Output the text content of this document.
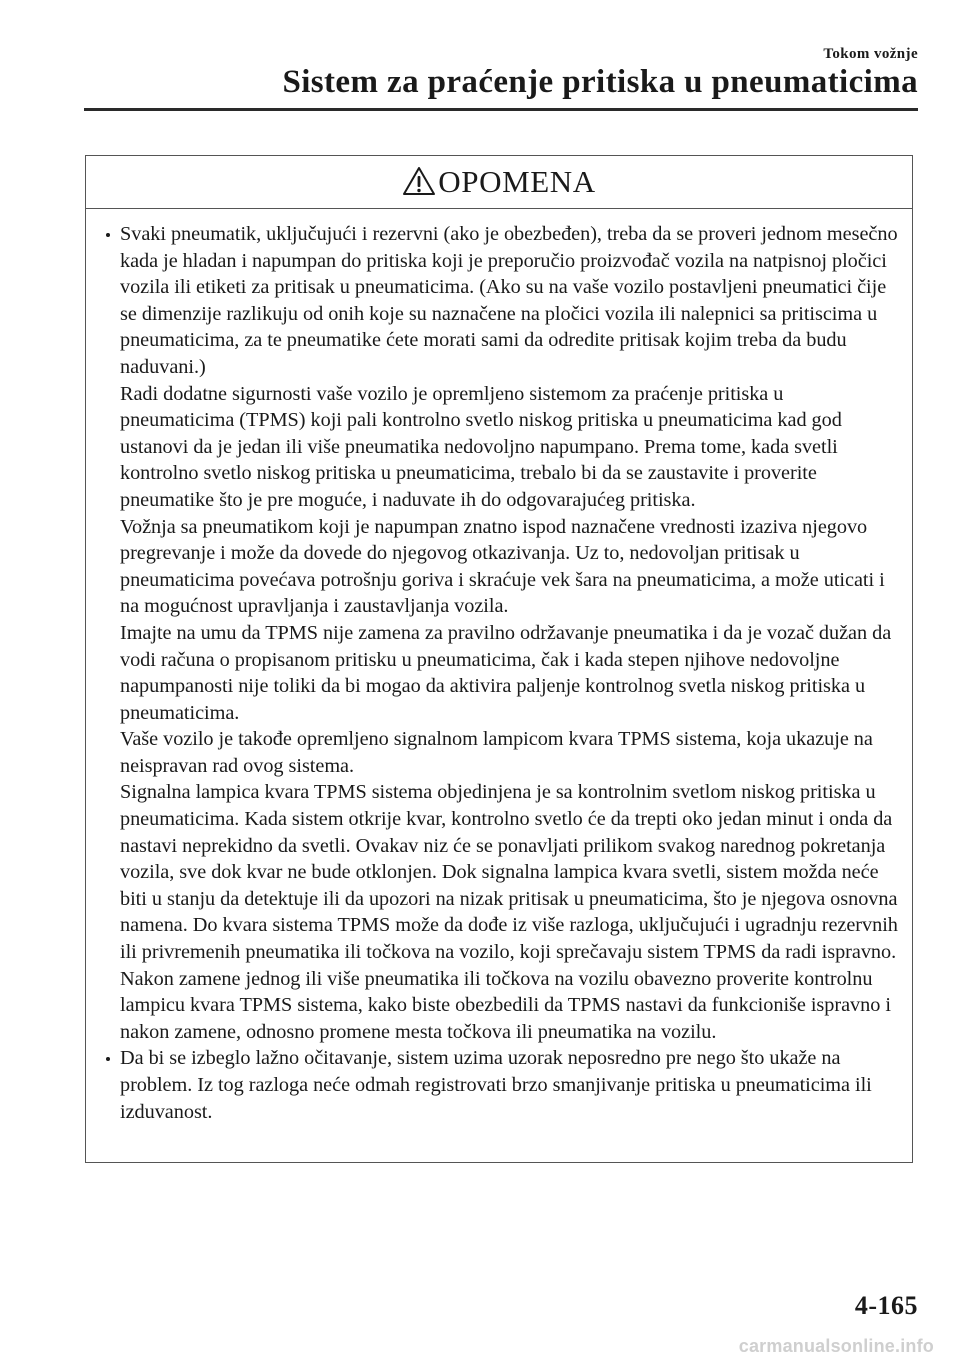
Tokom vožnje
Sistem za praćenje pritiska u pneumaticima
OPOMENA

Svaki pneumatik, uključujući i rezervni (ako je obezbeđen), treba da se proveri jednom mesečno kada je hladan i napumpan do pritiska koji je preporučio proizvođač vozila na natpisnoj pločici vozila ili etiketi za pritisak u pneumaticima. (Ako su na vaše vozilo postavljeni pneumatici čije se dimenzije razlikuju od onih koje su naznačene na pločici vozila ili nalepnici sa pritiscima u pneumaticima, za te pneumatike ćete morati sami da odredite pritisak kojim treba da budu naduvani.)

Radi dodatne sigurnosti vaše vozilo je opremljeno sistemom za praćenje pritiska u pneumaticima (TPMS) koji pali kontrolno svetlo niskog pritiska u pneumaticima kad god ustanovi da je jedan ili više pneumatika nedovoljno napumpano. Prema tome, kada svetli kontrolno svetlo niskog pritiska u pneumaticima, trebalo bi da se zaustavite i proverite pneumatike što je pre moguće, i naduvate ih do odgovarajućeg pritiska.

Vožnja sa pneumatikom koji je napumpan znatno ispod naznačene vrednosti izaziva njegovo pregrevanje i može da dovede do njegovog otkazivanja. Uz to, nedovoljan pritisak u pneumaticima povećava potrošnju goriva i skraćuje vek šara na pneumaticima, a može uticati i na mogućnost upravljanja i zaustavljanja vozila.

Imajte na umu da TPMS nije zamena za pravilno održavanje pneumatika i da je vozač dužan da vodi računa o propisanom pritisku u pneumaticima, čak i kada stepen njihove nedovoljne napumpanosti nije toliki da bi mogao da aktivira paljenje kontrolnog svetla niskog pritiska u pneumaticima.

Vaše vozilo je takođe opremljeno signalnom lampicom kvara TPMS sistema, koja ukazuje na neispravan rad ovog sistema.

Signalna lampica kvara TPMS sistema objedinjena je sa kontrolnim svetlom niskog pritiska u pneumaticima. Kada sistem otkrije kvar, kontrolno svetlo će da trepti oko jedan minut i onda da nastavi neprekidno da svetli. Ovakav niz će se ponavljati prilikom svakog narednog pokretanja vozila, sve dok kvar ne bude otklonjen. Dok signalna lampica kvara svetli, sistem možda neće biti u stanju da detektuje ili da upozori na nizak pritisak u pneumaticima, što je njegova osnovna namena. Do kvara sistema TPMS može da dođe iz više razloga, uključujući i ugradnju rezervnih ili privremenih pneumatika ili točkova na vozilo, koji sprečavaju sistem TPMS da radi ispravno. Nakon zamene jednog ili više pneumatika ili točkova na vozilu obavezno proverite kontrolnu lampicu kvara TPMS sistema, kako biste obezbedili da TPMS nastavi da funkcioniše ispravno i nakon zamene, odnosno promene mesta točkova ili pneumatika na vozilu.

Da bi se izbeglo lažno očitavanje, sistem uzima uzorak neposredno pre nego što ukaže na problem. Iz tog razloga neće odmah registrovati brzo smanjivanje pritiska u pneumaticima ili izduvanost.

4-165
carmanualsonline.info
